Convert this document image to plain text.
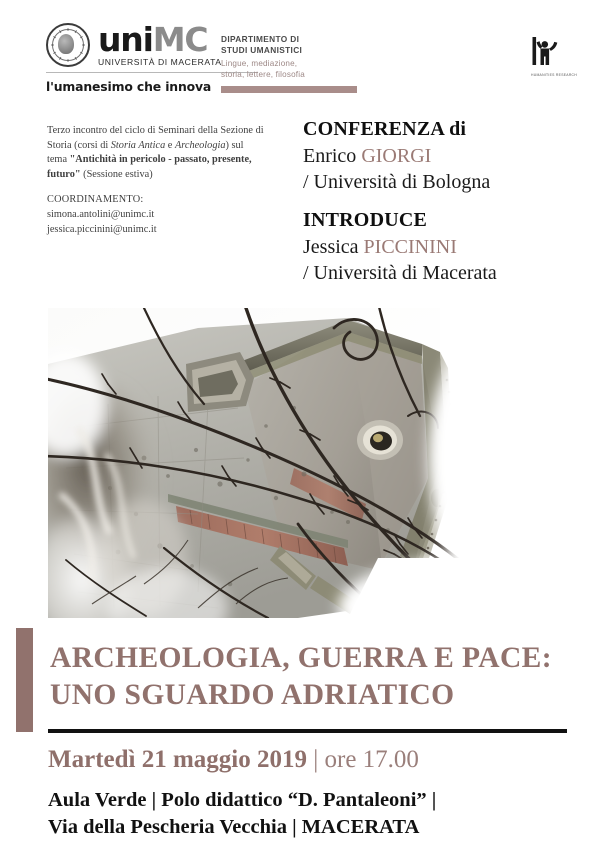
uniMC
UNIVERSITÀ DI MACERATA
l'umanesimo che innova
DIPARTIMENTO DI
STUDI UMANISTICI
Lingue, mediazione,
storia, lettere, filosofia	HUMANITIES RESEARCH

Terzo incontro del ciclo di Seminari della Sezione di Storia (corsi di Storia Antica e Archeologia) sul tema "Antichità in pericolo - passato, presente, futuro" (Sessione estiva)

COORDINAMENTO:
simona.antolini@unimc.it
jessica.piccinini@unimc.it
CONFERENZA di
Enrico GIORGI
/ Università di Bologna
INTRODUCE
Jessica PICCININI
/ Università di Macerata
ARCHEOLOGIA, GUERRA E PACE:
UNO SGUARDO ADRIATICO
Martedì 21 maggio 2019 | ore 17.00
Aula Verde | Polo didattico “D. Pantaleoni” |
Via della Pescheria Vecchia | MACERATA
